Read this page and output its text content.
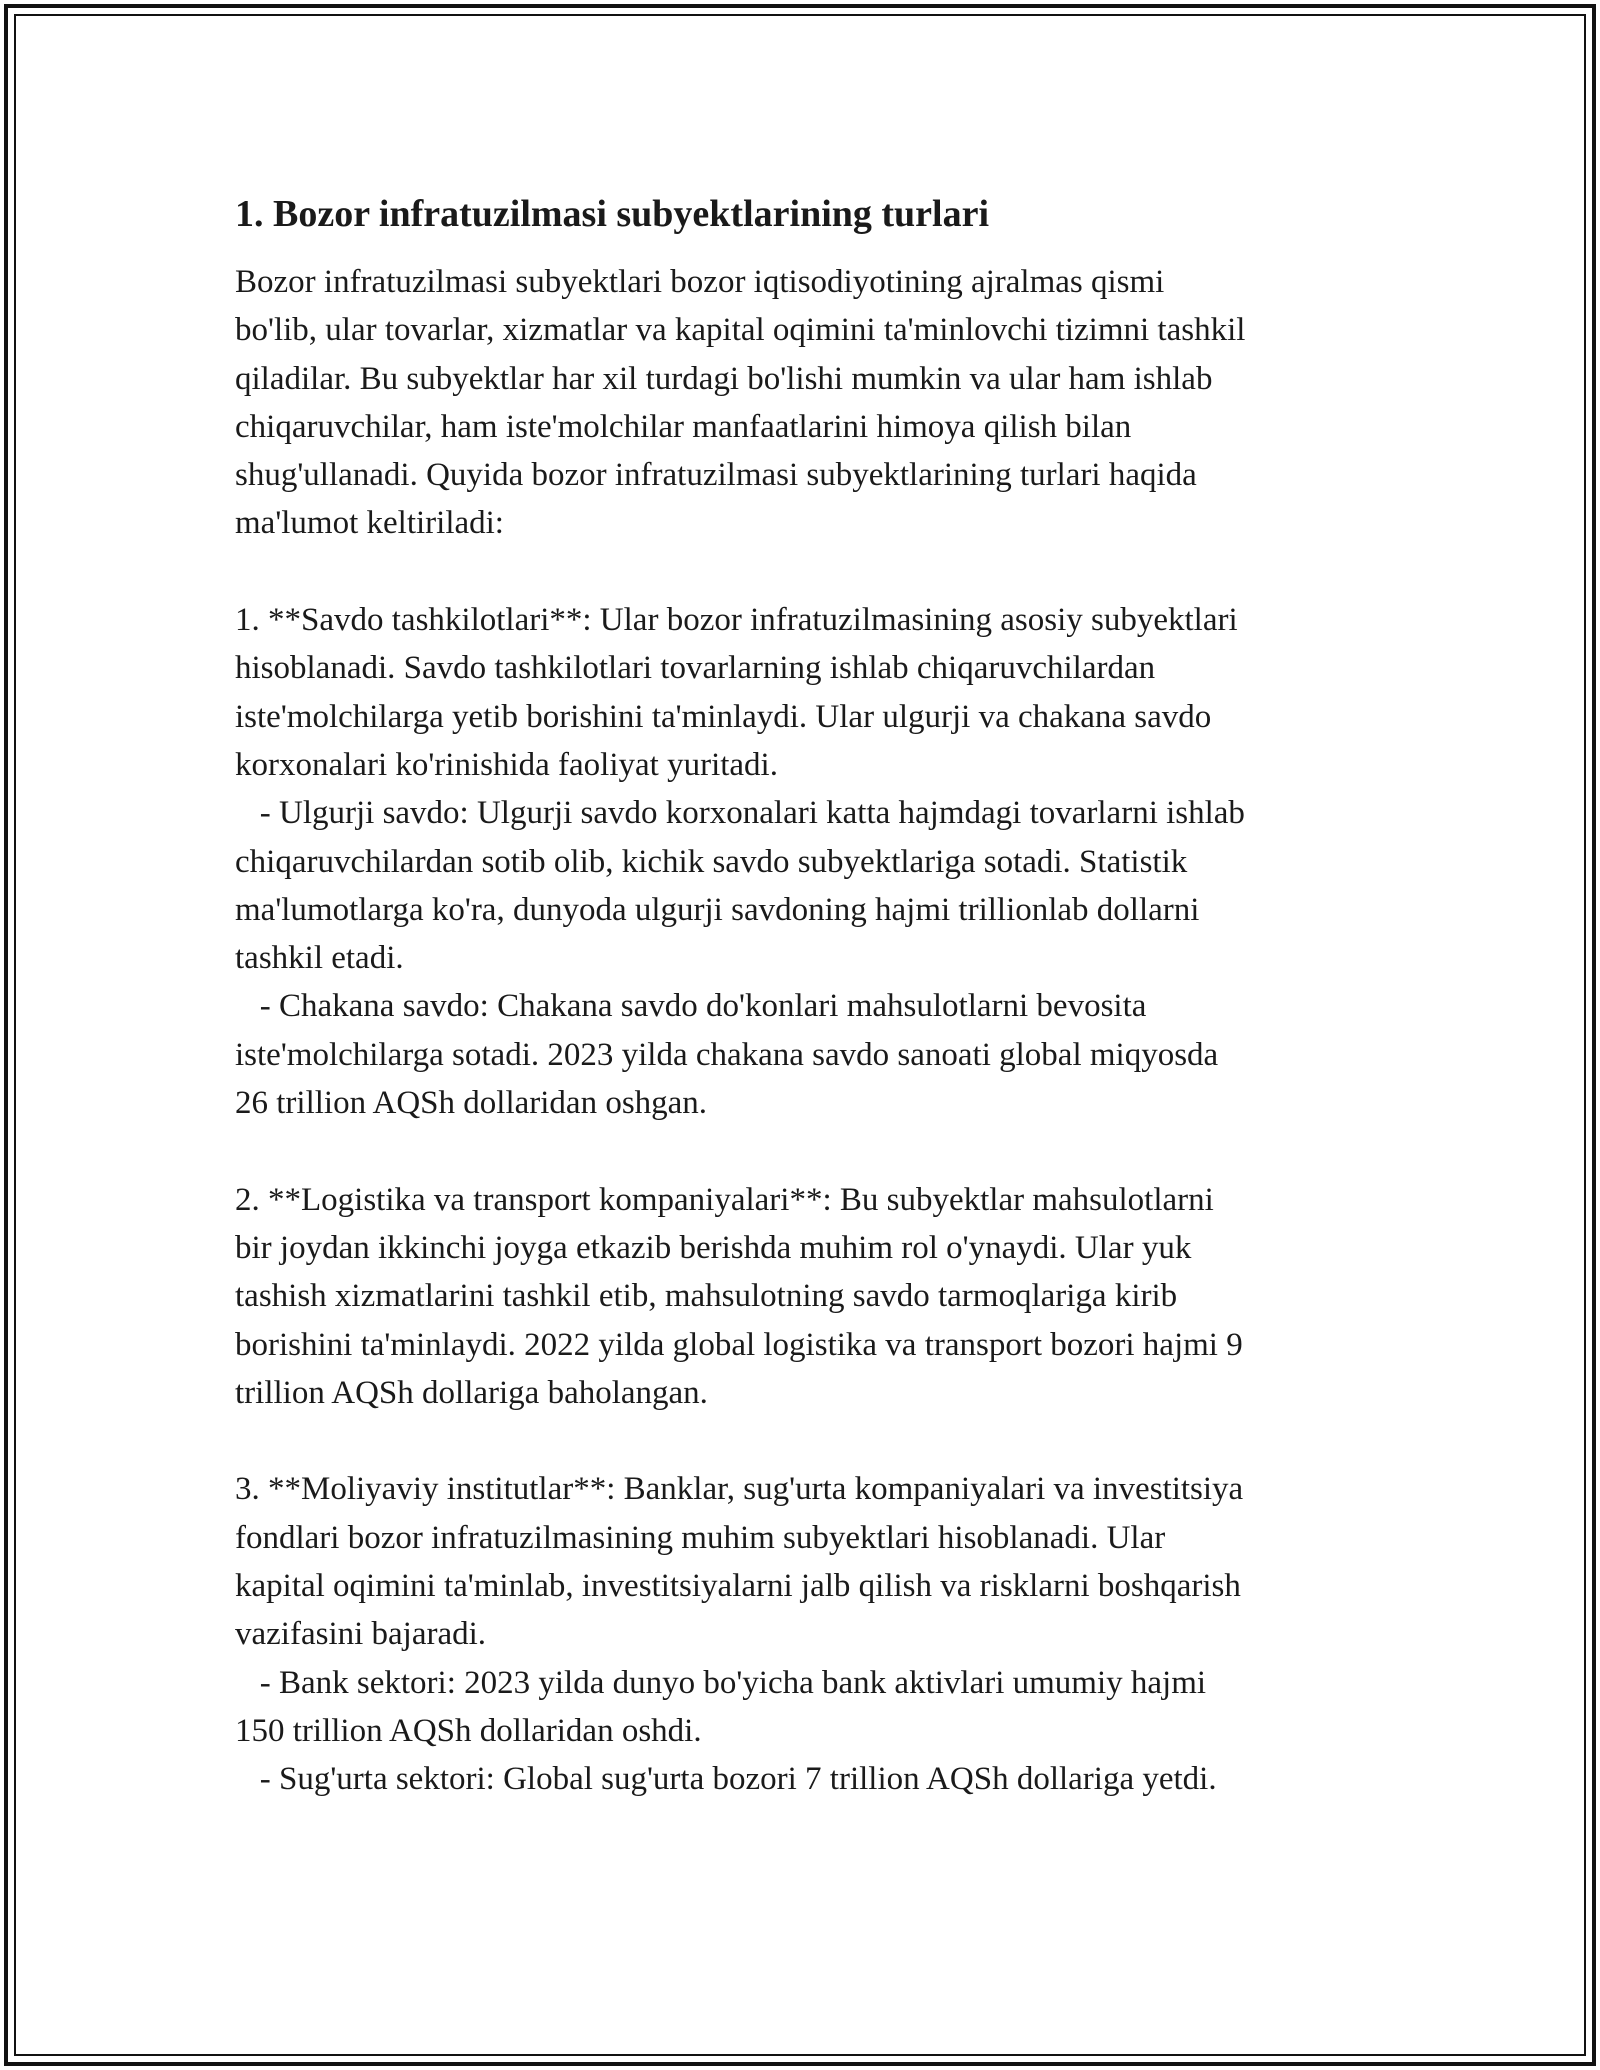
1. Bozor infratuzilmasi subyektlarining turlari

Bozor infratuzilmasi subyektlari bozor iqtisodiyotining ajralmas qismi
bo'lib, ular tovarlar, xizmatlar va kapital oqimini ta'minlovchi tizimni tashkil
qiladilar. Bu subyektlar har xil turdagi bo'lishi mumkin va ular ham ishlab
chiqaruvchilar, ham iste'molchilar manfaatlarini himoya qilish bilan
shug'ullanadi. Quyida bozor infratuzilmasi subyektlarining turlari haqida
ma'lumot keltiriladi:

1. **Savdo tashkilotlari**: Ular bozor infratuzilmasining asosiy subyektlari
hisoblanadi. Savdo tashkilotlari tovarlarning ishlab chiqaruvchilardan
iste'molchilarga yetib borishini ta'minlaydi. Ular ulgurji va chakana savdo
korxonalari ko'rinishida faoliyat yuritadi.
- Ulgurji savdo: Ulgurji savdo korxonalari katta hajmdagi tovarlarni ishlab
chiqaruvchilardan sotib olib, kichik savdo subyektlariga sotadi. Statistik
ma'lumotlarga ko'ra, dunyoda ulgurji savdoning hajmi trillionlab dollarni
tashkil etadi.
- Chakana savdo: Chakana savdo do'konlari mahsulotlarni bevosita
iste'molchilarga sotadi. 2023 yilda chakana savdo sanoati global miqyosda
26 trillion AQSh dollaridan oshgan.

2. **Logistika va transport kompaniyalari**: Bu subyektlar mahsulotlarni
bir joydan ikkinchi joyga etkazib berishda muhim rol o'ynaydi. Ular yuk
tashish xizmatlarini tashkil etib, mahsulotning savdo tarmoqlariga kirib
borishini ta'minlaydi. 2022 yilda global logistika va transport bozori hajmi 9
trillion AQSh dollariga baholangan.

3. **Moliyaviy institutlar**: Banklar, sug'urta kompaniyalari va investitsiya
fondlari bozor infratuzilmasining muhim subyektlari hisoblanadi. Ular
kapital oqimini ta'minlab, investitsiyalarni jalb qilish va risklarni boshqarish
vazifasini bajaradi.
- Bank sektori: 2023 yilda dunyo bo'yicha bank aktivlari umumiy hajmi
150 trillion AQSh dollaridan oshdi.
- Sug'urta sektori: Global sug'urta bozori 7 trillion AQSh dollariga yetdi.
